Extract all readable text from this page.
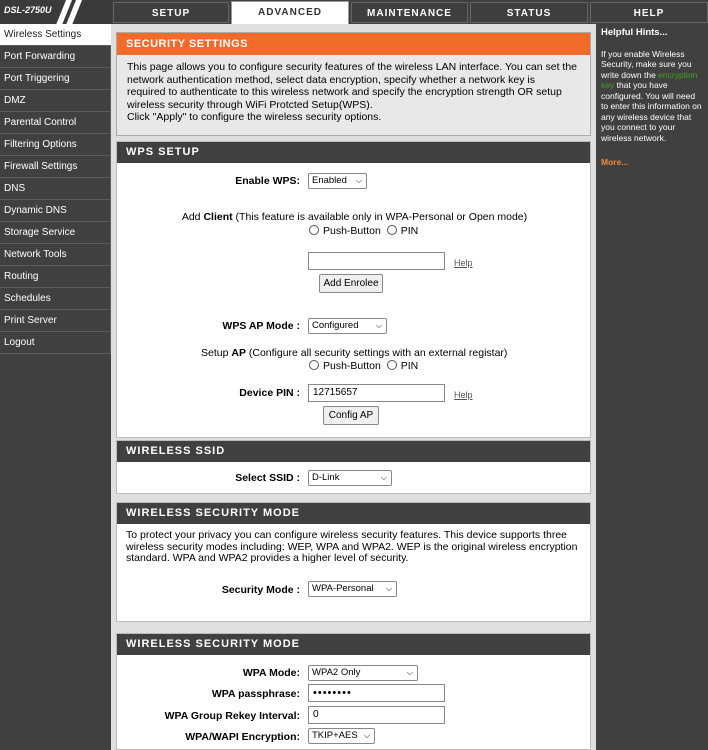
DSL-2750U	SETUP	ADVANCED	MAINTENANCE	STATUS	HELP
Wireless Settings
Port Forwarding
Port Triggering
DMZ
Parental Control
Filtering Options
Firewall Settings
DNS
Dynamic DNS
Storage Service
Network Tools
Routing
Schedules
Print Server
Logout
SECURITY SETTINGS

This page allows you to configure security features of the wireless LAN interface. You can set the
network authentication method, select data encryption, specify whether a network key is
required to authenticate to this wireless network and specify the encryption strength OR setup
wireless security through WiFi Protcted Setup(WPS).
Click "Apply" to configure the wireless security options.

WPS SETUP
Enable WPS:	Enabled ⌵
Add Client (This feature is available only in WPA-Personal or Open mode)
Push-Button PIN
Help
Add Enrolee
WPS AP Mode :	Configured ⌵
Setup AP (Configure all security settings with an external registar)
Push-Button PIN
Device PIN :	12715657	Help
Config AP
WIRELESS SSID
Select SSID :	D-Link	⌵
WIRELESS SECURITY MODE
To protect your privacy you can configure wireless security features. This device supports three
wireless security modes including: WEP, WPA and WPA2. WEP is the original wireless encryption
standard. WPA and WPA2 provides a higher level of security.
Security Mode :	WPA-Personal ⌵
WIRELESS SECURITY MODE
WPA Mode:	WPA2 Only	⌵
WPA passphrase:	••••••••
WPA Group Rekey Interval:	0
WPA/WAPI Encryption:	TKIP+AES ⌵
Helpful Hints...
If you enable Wireless Security, make sure you write down the encryption key that you have configured. You will need to enter this information on any wireless device that you connect to your wireless network.
More...
